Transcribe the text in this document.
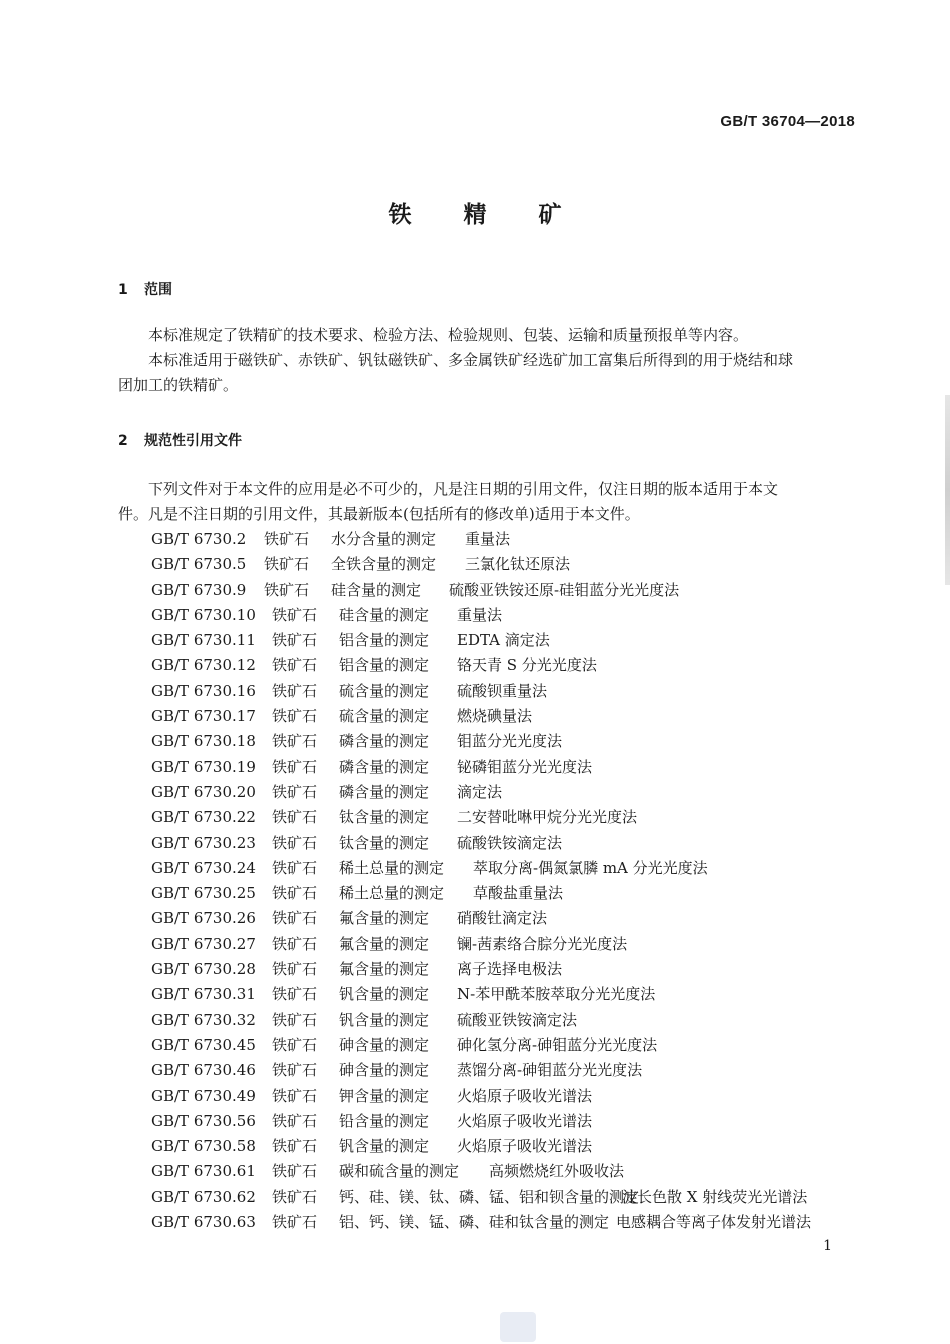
GB/T 36704—2018
铁 精 矿
1 范围
本标准规定了铁精矿的技术要求、检验方法、检验规则、包装、运输和质量预报单等内容。
本标准适用于磁铁矿、赤铁矿、钒钛磁铁矿、多金属铁矿经选矿加工富集后所得到的用于烧结和球
团加工的铁精矿。
2 规范性引用文件
下列文件对于本文件的应用是必不可少的，凡是注日期的引用文件，仅注日期的版本适用于本文
件。凡是不注日期的引用文件，其最新版本(包括所有的修改单)适用于本文件。
GB/T 6730.2 铁矿石 水分含量的测定 重量法
GB/T 6730.5 铁矿石 全铁含量的测定 三氯化钛还原法
GB/T 6730.9 铁矿石 硅含量的测定 硫酸亚铁铵还原-硅钼蓝分光光度法
GB/T 6730.10 铁矿石 硅含量的测定 重量法
GB/T 6730.11 铁矿石 铝含量的测定 EDTA 滴定法
GB/T 6730.12 铁矿石 铝含量的测定 铬天青 S 分光光度法
GB/T 6730.16 铁矿石 硫含量的测定 硫酸钡重量法
GB/T 6730.17 铁矿石 硫含量的测定 燃烧碘量法
GB/T 6730.18 铁矿石 磷含量的测定 钼蓝分光光度法
GB/T 6730.19 铁矿石 磷含量的测定 铋磷钼蓝分光光度法
GB/T 6730.20 铁矿石 磷含量的测定 滴定法
GB/T 6730.22 铁矿石 钛含量的测定 二安替吡啉甲烷分光光度法
GB/T 6730.23 铁矿石 钛含量的测定 硫酸铁铵滴定法
GB/T 6730.24 铁矿石 稀土总量的测定 萃取分离-偶氮氯膦 mA 分光光度法
GB/T 6730.25 铁矿石 稀土总量的测定 草酸盐重量法
GB/T 6730.26 铁矿石 氟含量的测定 硝酸钍滴定法
GB/T 6730.27 铁矿石 氟含量的测定 镧-茜素络合腙分光光度法
GB/T 6730.28 铁矿石 氟含量的测定 离子选择电极法
GB/T 6730.31 铁矿石 钒含量的测定 N-苯甲酰苯胺萃取分光光度法
GB/T 6730.32 铁矿石 钒含量的测定 硫酸亚铁铵滴定法
GB/T 6730.45 铁矿石 砷含量的测定 砷化氢分离-砷钼蓝分光光度法
GB/T 6730.46 铁矿石 砷含量的测定 蒸馏分离-砷钼蓝分光光度法
GB/T 6730.49 铁矿石 钾含量的测定 火焰原子吸收光谱法
GB/T 6730.56 铁矿石 铅含量的测定 火焰原子吸收光谱法
GB/T 6730.58 铁矿石 钒含量的测定 火焰原子吸收光谱法
GB/T 6730.61 铁矿石 碳和硫含量的测定 高频燃烧红外吸收法
GB/T 6730.62 铁矿石 钙、硅、镁、钛、磷、锰、铝和钡含量的测定
波长色散 X 射线荧光光谱法
GB/T 6730.63 铁矿石 铝、钙、镁、锰、磷、硅和钛含量的测定 电感耦合等离子体发射光谱法
1
